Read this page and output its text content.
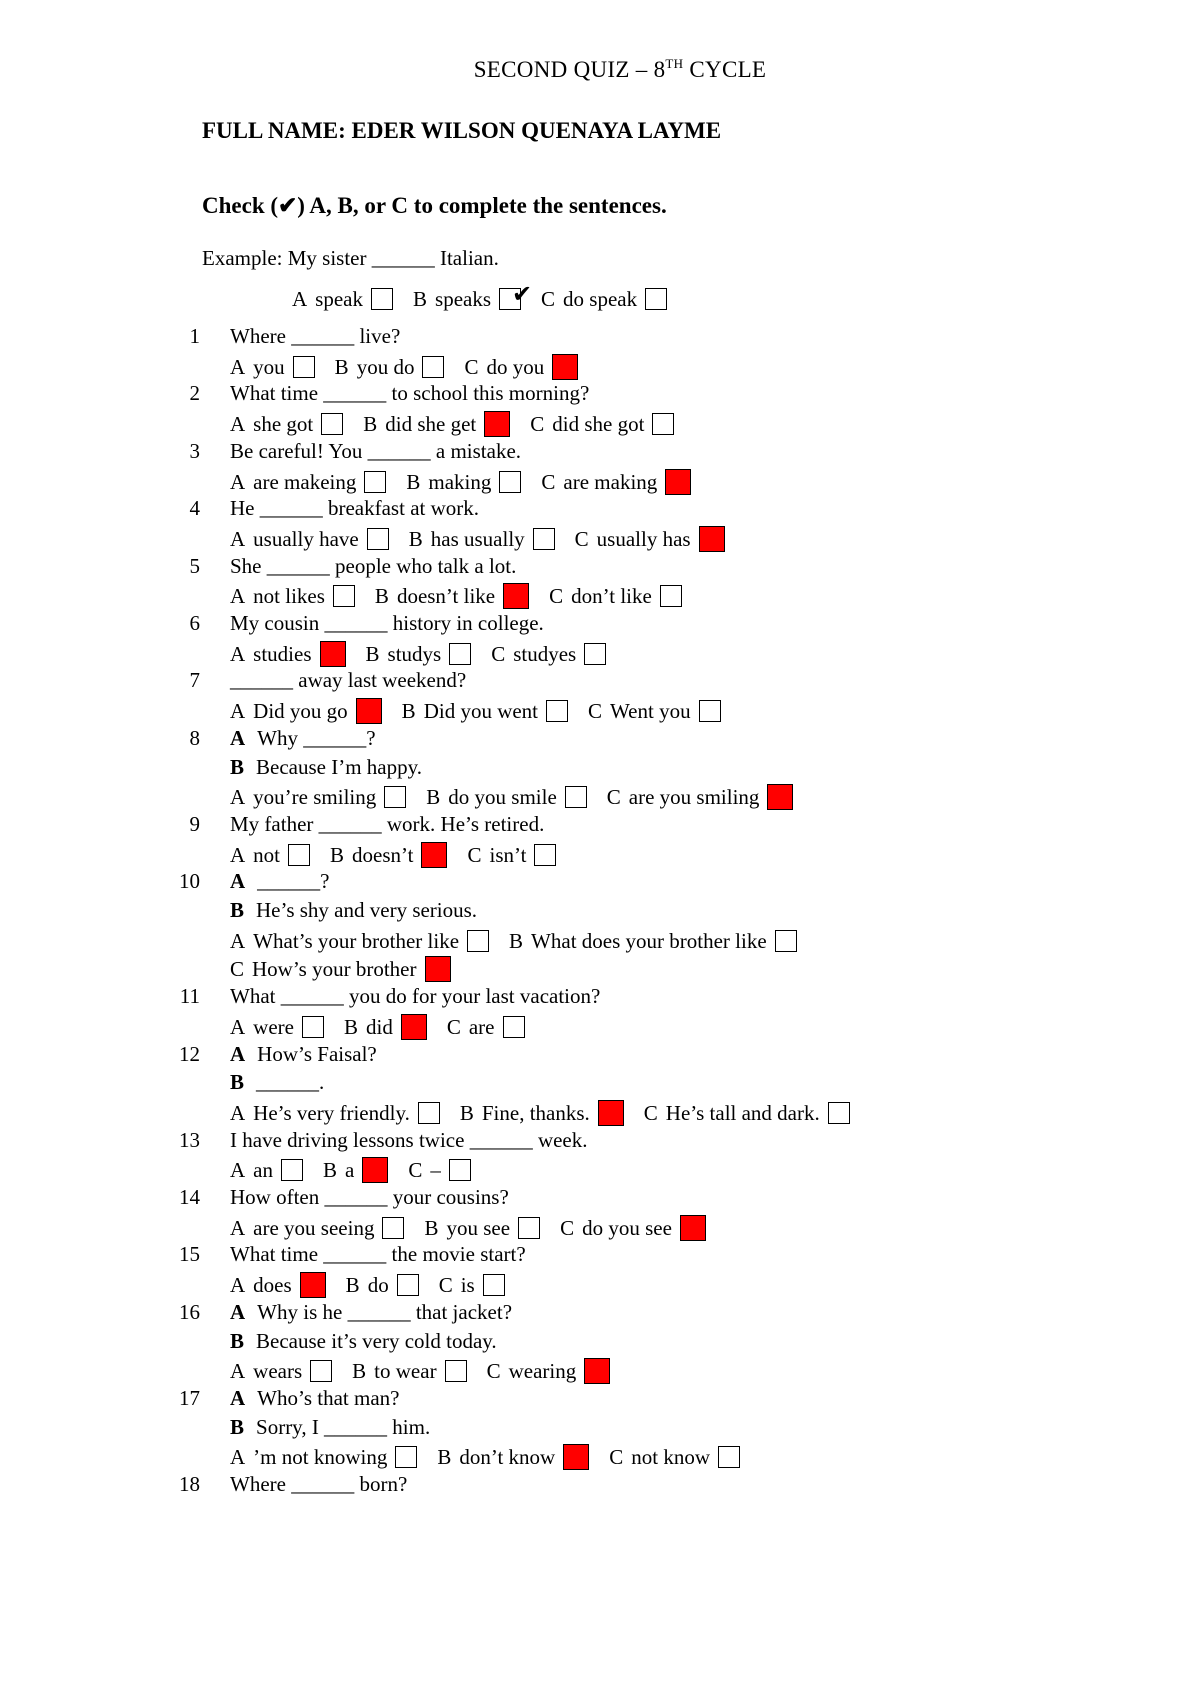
SECOND QUIZ – 8TH CYCLE
FULL NAME: EDER WILSON QUENAYA LAYME
Check (✔) A, B, or C to complete the sentences.
Example: My sister ______ Italian.
A speak B speaks✔ C do speak
1 Where ______ live?
A you B you do C do you
2 What time ______ to school this morning?
A she got B did she get	C did she got
3 Be careful! You ______ a mistake.
A are makeing B making C are making
4 He ______ breakfast at work.
A usually have B has usually C usually has
5 She ______ people who talk a lot.
A not likes B doesn’t like	C don’t like
6 My cousin ______ history in college.
A studies	B studys C studyes
7 ______ away last weekend?
A Did you go	B Did you went C Went you
8 A Why ______?
B Because I’m happy.
A you’re smiling B do you smile C are you smiling
9 My father ______ work. He’s retired.
A not B doesn’t	C isn’t
10 A ______?
B He’s shy and very serious.
A What’s your brother like B What does your brother like
C How’s your brother
11 What ______ you do for your last vacation?
A were B did	C are
12 A How’s Faisal?
B ______.
A He’s very friendly. B Fine, thanks.	C He’s tall and dark.
13 I have driving lessons twice ______ week.
A an B a	C –
14 How often ______ your cousins?
A are you seeing B you see C do you see
15 What time ______ the movie start?
A does	B do C is
16 A Why is he ______ that jacket?
B Because it’s very cold today.
A wears B to wear C wearing
17 A Who’s that man?
B Sorry, I ______ him.
A ’m not knowing B don’t know	C not know
18 Where ______ born?
